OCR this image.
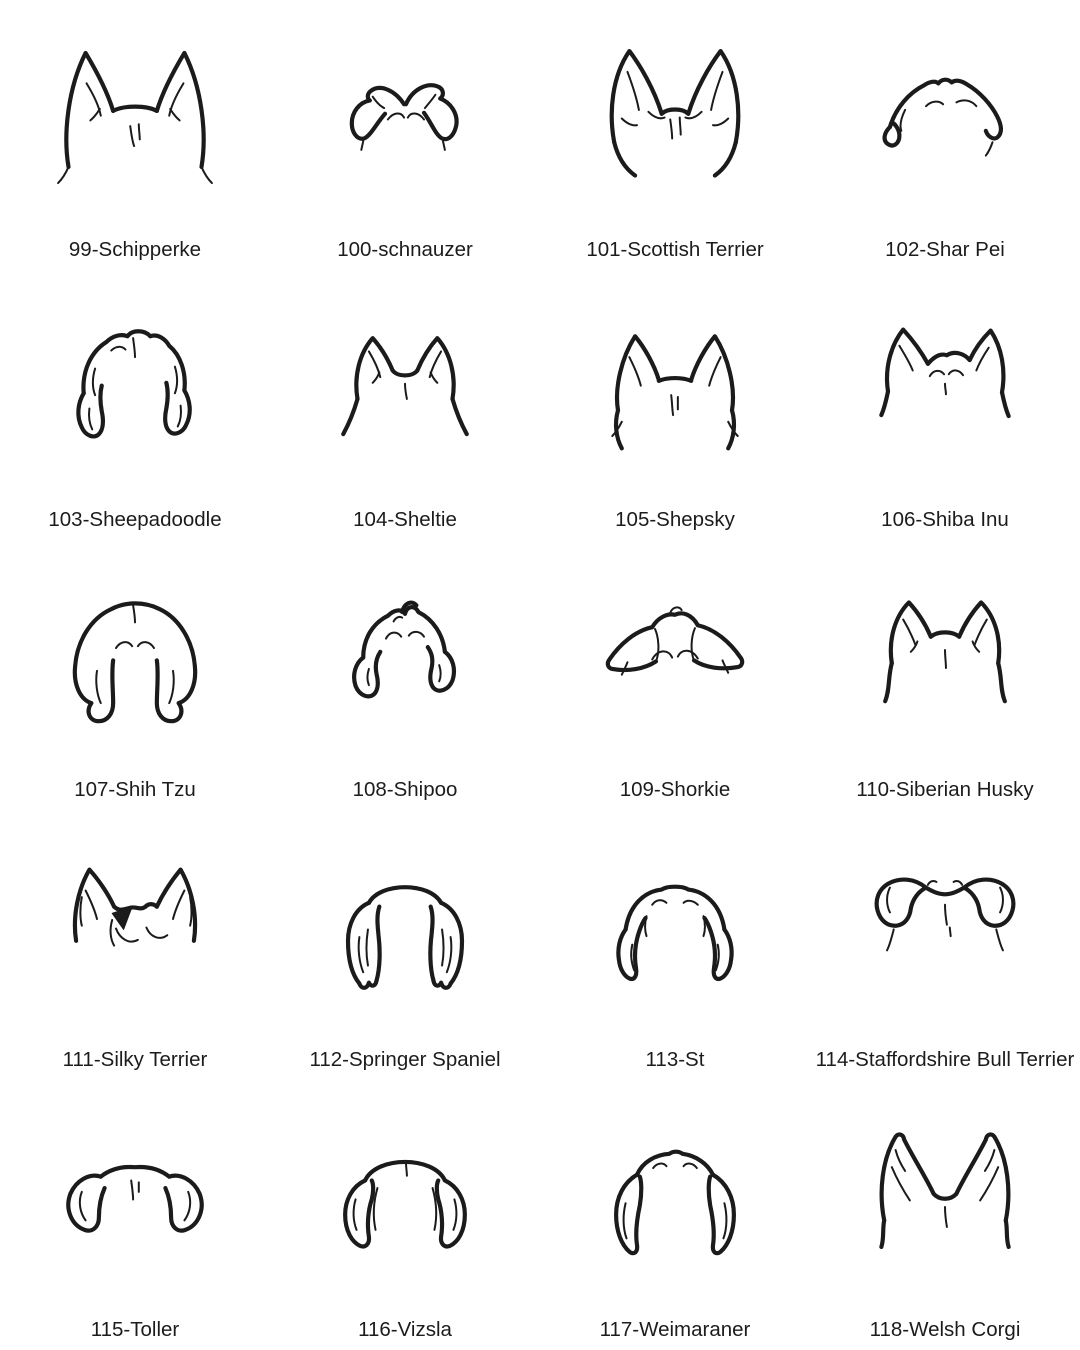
99-Schipperke	100-schnauzer	101-Scottish Terrier	102-Shar Pei
103-Sheepadoodle	104-Sheltie	105-Shepsky	106-Shiba Inu
107-Shih Tzu	108-Shipoo	109-Shorkie	110-Siberian Husky
111-Silky Terrier	112-Springer Spaniel	113-St	114-Staffordshire Bull Terrier
115-Toller	116-Vizsla	117-Weimaraner	118-Welsh Corgi
